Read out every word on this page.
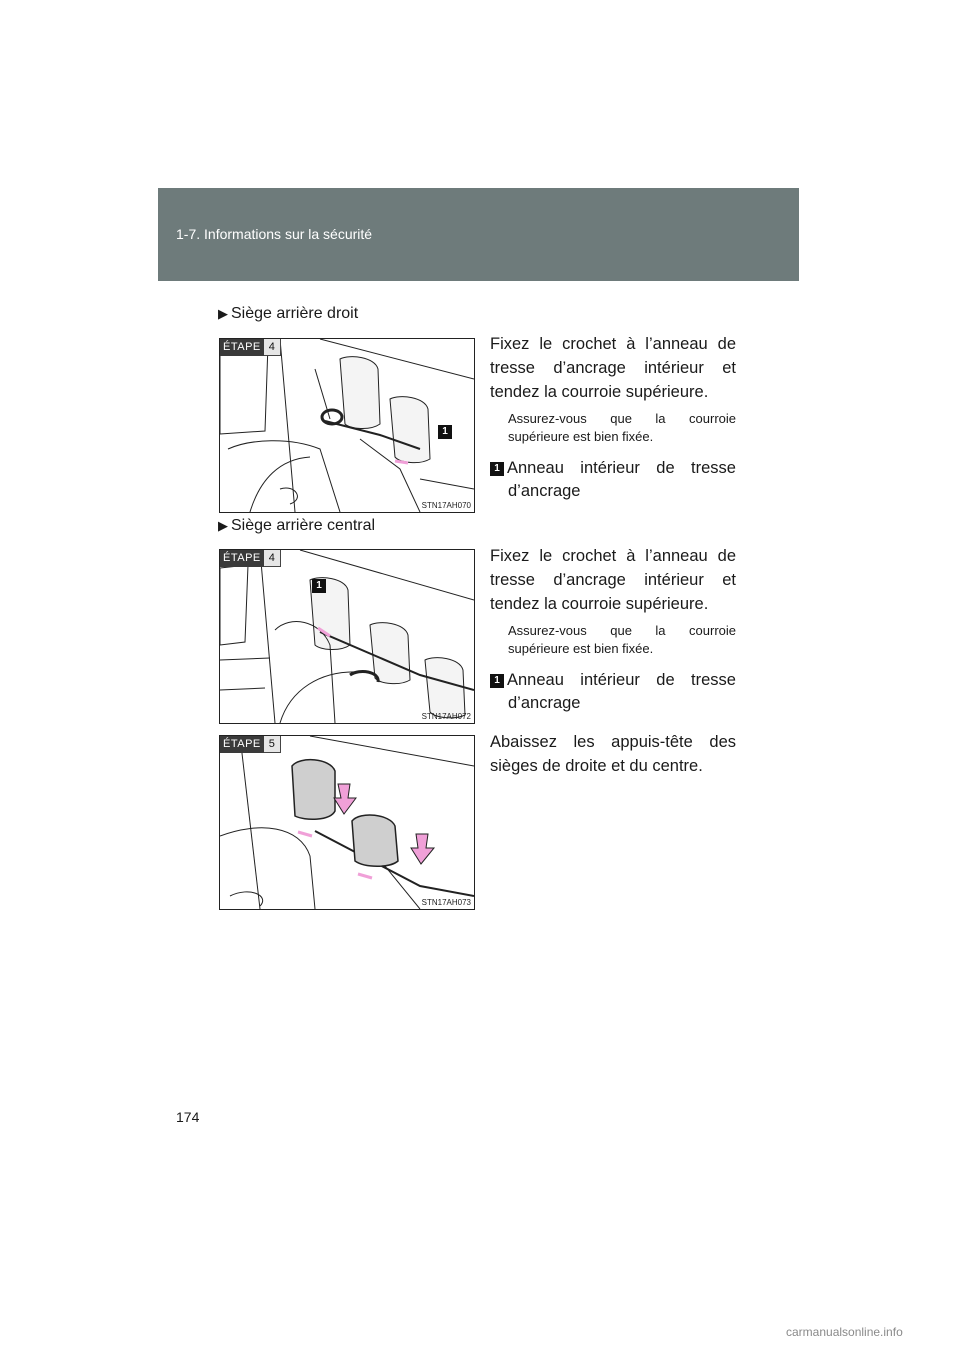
1-7. Informations sur la sécurité
▶ Siège arrière droit
ÉTAPE 4
1
STN17AH070
Fixez le crochet à l’anneau de tresse d’ancrage intérieur et tendez la courroie supérieure.
Assurez-vous que la courroie supérieure est bien fixée.
1 Anneau intérieur de tresse
d’ancrage
▶ Siège arrière central
ÉTAPE 4
1
STN17AH072
Fixez le crochet à l’anneau de tresse d’ancrage intérieur et tendez la courroie supérieure.
Assurez-vous que la courroie supérieure est bien fixée.
1 Anneau intérieur de tresse
d’ancrage
ÉTAPE 5
STN17AH073
Abaissez les appuis-tête des sièges de droite et du centre.
174
carmanualsonline.info
